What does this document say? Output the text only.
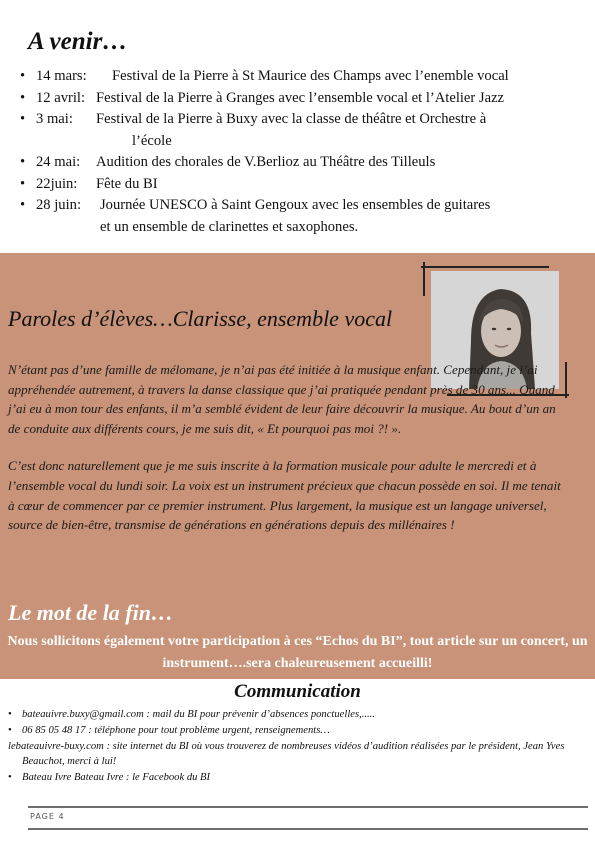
A venir…
• 14 mars: Festival de la Pierre à St Maurice des Champs avec l’enemble vocal
• 12 avril: Festival de la Pierre à Granges avec l’ensemble vocal et l’Atelier Jazz
• 3 mai: Festival de la Pierre à Buxy avec la classe de théâtre et Orchestre à
l’école
• 24 mai: Audition des chorales de V.Berlioz au Théâtre des Tilleuls
• 22juin: Fête du BI
• 28 juin: Journée UNESCO à Saint Gengoux avec les ensembles de guitares
et un ensemble de clarinettes et saxophones.
Paroles d’élèves…Clarisse, ensemble vocal

N’étant pas d’une famille de mélomane, je n’ai pas été initiée à la musique enfant. Cependant, je l’ai appréhendée autrement, à travers la danse classique que j’ai pratiquée pendant près de 30 ans... Quand j’ai eu à mon tour des enfants, il m’a semblé évident de leur faire découvrir la musique. Au bout d’un an de conduite aux différents cours, je me suis dit, « Et pourquoi pas moi ?! ».

C’est donc naturellement que je me suis inscrite à la formation musicale pour adulte le mercredi et à l’ensemble vocal du lundi soir. La voix est un instrument précieux que chacun possède en soi. Il me tenait à cœur de commencer par ce premier instrument. Plus largement, la musique est un langage universel, source de bien-être, transmise de générations en générations depuis des millénaires !

Le mot de la fin…
Nous sollicitons également votre participation à ces “Echos du BI”, tout article sur un concert, un instrument….sera chaleureusement accueilli!
Communication
• bateauivre.buxy@gmail.com : mail du BI pour prévenir d’absences ponctuelles,.....
• 06 85 05 48 17 : téléphone pour tout problème urgent, renseignements…
lebateauivre-buxy.com : site internet du BI où vous trouverez de nombreuses vidéos d’audition réalisées par le président, Jean Yves Beauchot, merci à lui!
• Bateau Ivre Bateau Ivre : le Facebook du BI
PAGE 4
